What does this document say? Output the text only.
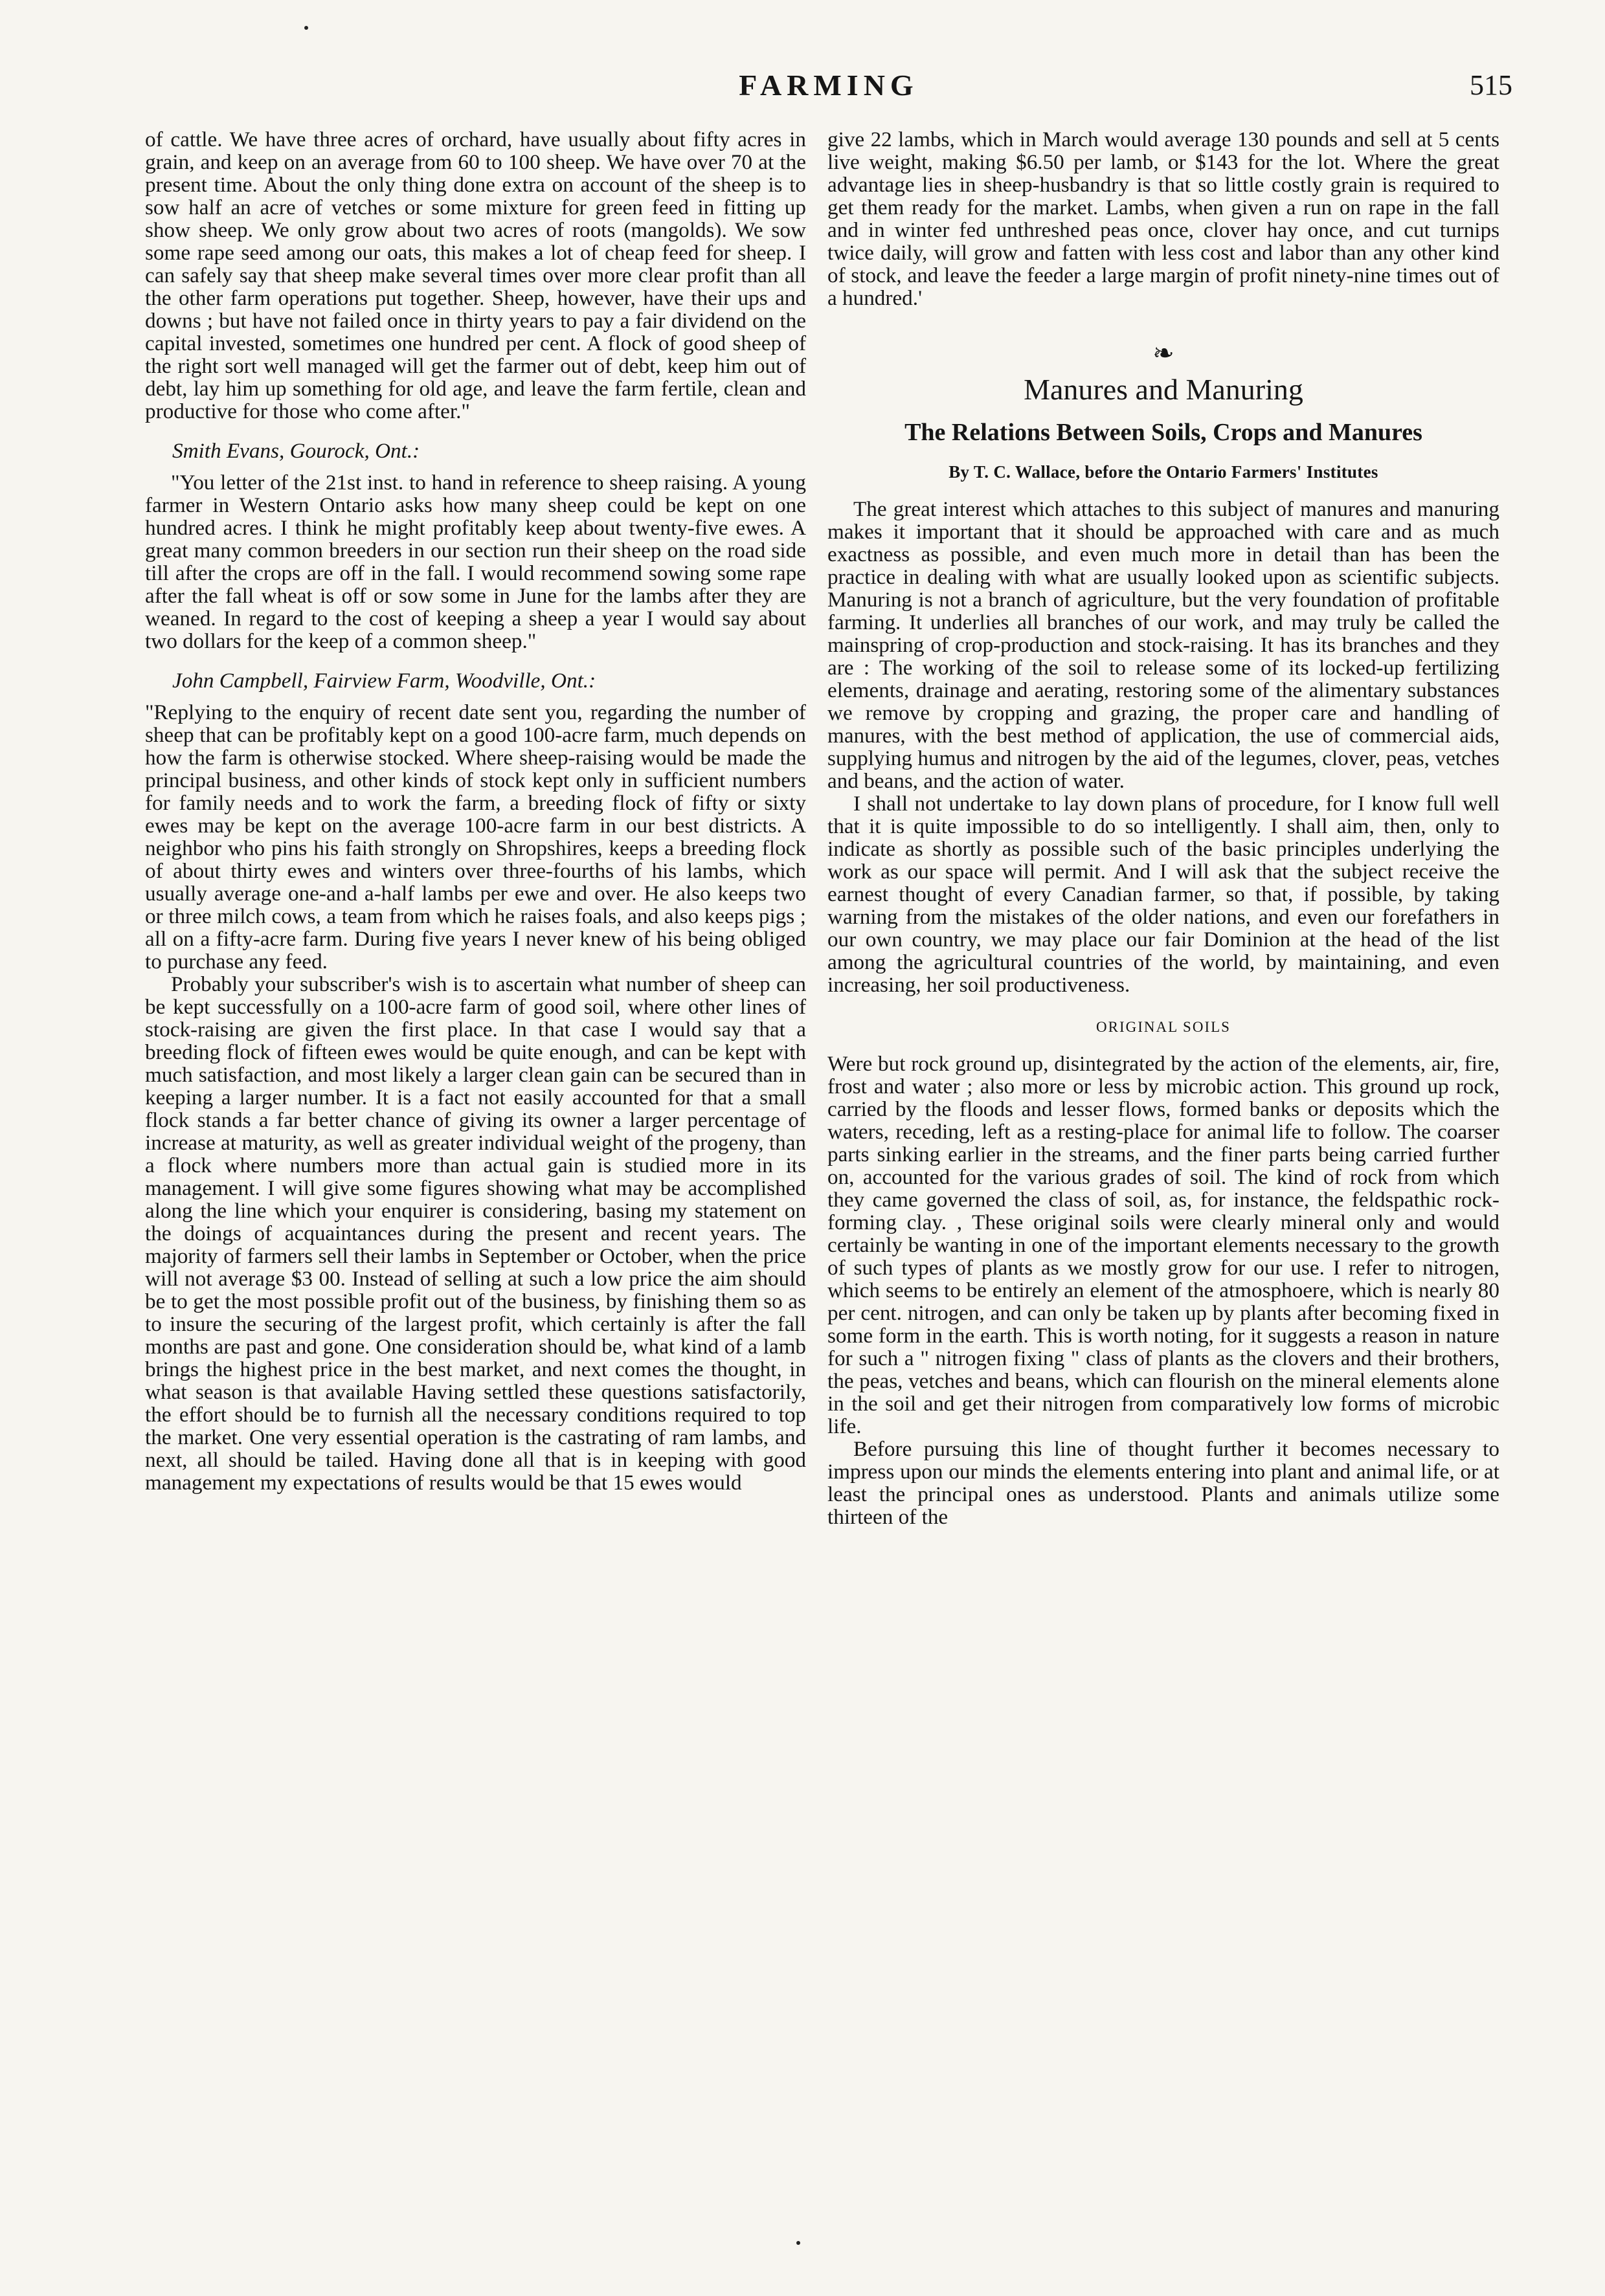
FARMING	515

of cattle. We have three acres of orchard, have usually about fifty acres in grain, and keep on an average from 60 to 100 sheep. We have over 70 at the present time. About the only thing done extra on account of the sheep is to sow half an acre of vetches or some mixture for green feed in fitting up show sheep. We only grow about two acres of roots (mangolds). We sow some rape seed among our oats, this makes a lot of cheap feed for sheep. I can safely say that sheep make several times over more clear profit than all the other farm operations put together. Sheep, however, have their ups and downs ; but have not failed once in thirty years to pay a fair dividend on the capital invested, sometimes one hundred per cent. A flock of good sheep of the right sort well managed will get the farmer out of debt, keep him out of debt, lay him up something for old age, and leave the farm fertile, clean and productive for those who come after."

Smith Evans, Gourock, Ont.:

"You letter of the 21st inst. to hand in reference to sheep raising. A young farmer in Western Ontario asks how many sheep could be kept on one hundred acres. I think he might profitably keep about twenty-five ewes. A great many common breeders in our section run their sheep on the road side till after the crops are off in the fall. I would recommend sowing some rape after the fall wheat is off or sow some in June for the lambs after they are weaned. In regard to the cost of keeping a sheep a year I would say about two dollars for the keep of a common sheep."

John Campbell, Fairview Farm, Woodville, Ont.:

"Replying to the enquiry of recent date sent you, regarding the number of sheep that can be profitably kept on a good 100-acre farm, much depends on how the farm is otherwise stocked. Where sheep-raising would be made the principal business, and other kinds of stock kept only in sufficient numbers for family needs and to work the farm, a breeding flock of fifty or sixty ewes may be kept on the average 100-acre farm in our best districts. A neighbor who pins his faith strongly on Shropshires, keeps a breeding flock of about thirty ewes and winters over three-fourths of his lambs, which usually average one-and a-half lambs per ewe and over. He also keeps two or three milch cows, a team from which he raises foals, and also keeps pigs ; all on a fifty-acre farm. During five years I never knew of his being obliged to purchase any feed.

Probably your subscriber's wish is to ascertain what number of sheep can be kept successfully on a 100-acre farm of good soil, where other lines of stock-raising are given the first place. In that case I would say that a breeding flock of fifteen ewes would be quite enough, and can be kept with much satisfaction, and most likely a larger clean gain can be secured than in keeping a larger number. It is a fact not easily accounted for that a small flock stands a far better chance of giving its owner a larger percentage of increase at maturity, as well as greater individual weight of the progeny, than a flock where numbers more than actual gain is studied more in its management. I will give some figures showing what may be accomplished along the line which your enquirer is considering, basing my statement on the doings of acquaintances during the present and recent years. The majority of farmers sell their lambs in September or October, when the price will not average $3 00. Instead of selling at such a low price the aim should be to get the most possible profit out of the business, by finishing them so as to insure the securing of the largest profit, which certainly is after the fall months are past and gone. One consideration should be, what kind of a lamb brings the highest price in the best market, and next comes the thought, in what season is that available Having settled these questions satisfactorily, the effort should be to furnish all the necessary conditions required to top the market. One very essential operation is the castrating of ram lambs, and next, all should be tailed. Having done all that is in keeping with good management my expectations of results would be that 15 ewes would

give 22 lambs, which in March would average 130 pounds and sell at 5 cents live weight, making $6.50 per lamb, or $143 for the lot. Where the great advantage lies in sheep-husbandry is that so little costly grain is required to get them ready for the market. Lambs, when given a run on rape in the fall and in winter fed unthreshed peas once, clover hay once, and cut turnips twice daily, will grow and fatten with less cost and labor than any other kind of stock, and leave the feeder a large margin of profit ninety-nine times out of a hundred.'

❧
Manures and Manuring
The Relations Between Soils, Crops and Manures
By T. C. Wallace, before the Ontario Farmers' Institutes

The great interest which attaches to this subject of manures and manuring makes it important that it should be approached with care and as much exactness as possible, and even much more in detail than has been the practice in dealing with what are usually looked upon as scientific subjects. Manuring is not a branch of agriculture, but the very foundation of profitable farming. It underlies all branches of our work, and may truly be called the mainspring of crop-production and stock-raising. It has its branches and they are : The working of the soil to release some of its locked-up fertilizing elements, drainage and aerating, restoring some of the alimentary substances we remove by cropping and grazing, the proper care and handling of manures, with the best method of application, the use of commercial aids, supplying humus and nitrogen by the aid of the legumes, clover, peas, vetches and beans, and the action of water.

I shall not undertake to lay down plans of procedure, for I know full well that it is quite impossible to do so intelligently. I shall aim, then, only to indicate as shortly as possible such of the basic principles underlying the work as our space will permit. And I will ask that the subject receive the earnest thought of every Canadian farmer, so that, if possible, by taking warning from the mistakes of the older nations, and even our forefathers in our own country, we may place our fair Dominion at the head of the list among the agricultural countries of the world, by maintaining, and even increasing, her soil productiveness.

ORIGINAL SOILS

Were but rock ground up, disintegrated by the action of the elements, air, fire, frost and water ; also more or less by microbic action. This ground up rock, carried by the floods and lesser flows, formed banks or deposits which the waters, receding, left as a resting-place for animal life to follow. The coarser parts sinking earlier in the streams, and the finer parts being carried further on, accounted for the various grades of soil. The kind of rock from which they came governed the class of soil, as, for instance, the feldspathic rock-forming clay. , These original soils were clearly mineral only and would certainly be wanting in one of the important elements necessary to the growth of such types of plants as we mostly grow for our use. I refer to nitrogen, which seems to be entirely an element of the atmosphoere, which is nearly 80 per cent. nitrogen, and can only be taken up by plants after becoming fixed in some form in the earth. This is worth noting, for it suggests a reason in nature for such a " nitrogen fixing " class of plants as the clovers and their brothers, the peas, vetches and beans, which can flourish on the mineral elements alone in the soil and get their nitrogen from comparatively low forms of microbic life.

Before pursuing this line of thought further it becomes necessary to impress upon our minds the elements entering into plant and animal life, or at least the principal ones as understood. Plants and animals utilize some thirteen of the
